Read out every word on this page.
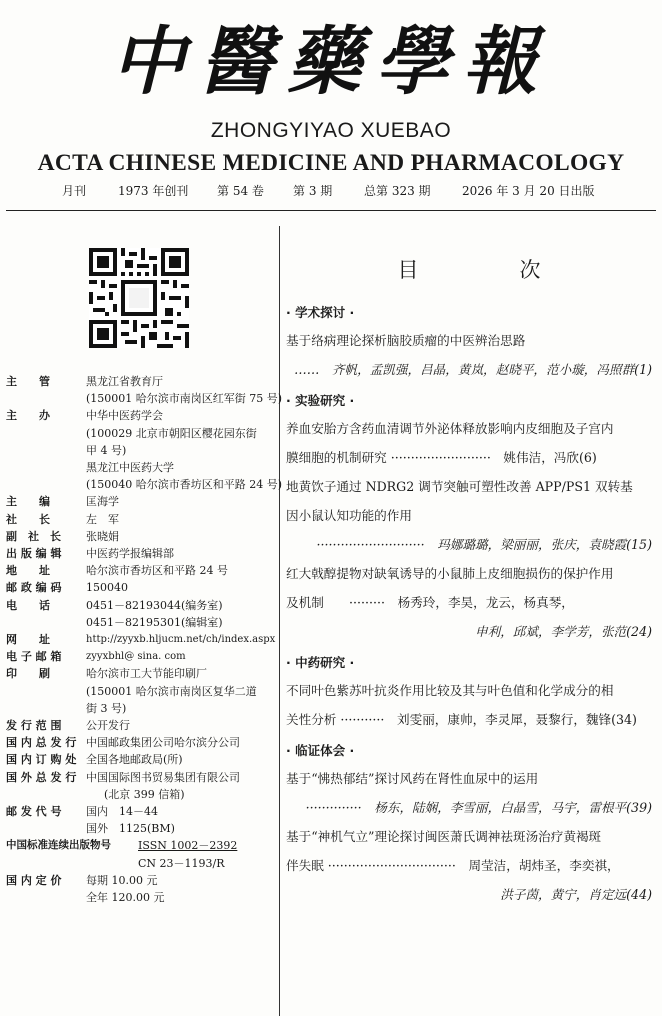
中醫藥學報
ZHONGYIYAO XUEBAO
ACTA CHINESE MEDICINE AND PHARMACOLOGY
月刊	1973 年创刊 第 54 卷 第 3 期	总第 323 期	2026 年 3 月 20 日出版
主　　管	黑龙江省教育厅
(150001 哈尔滨市南岗区红军街 75 号)
主　　办	中华中医药学会
(100029 北京市朝阳区樱花园东街
甲 4 号)
黑龙江中医药大学
(150040 哈尔滨市香坊区和平路 24 号)
主　　编	匡海学
社　　长	左　军
副　社　长	张晓娟
出 版 编 辑	中医药学报编辑部
地　　址	哈尔滨市香坊区和平路 24 号
邮 政 编 码	150040
电　　话	0451－82193044(编务室)
0451－82195301(编辑室)
网　　址	http://zyyxb.hljucm.net/ch/index.aspx
电 子 邮 箱	zyyxbhl@ sina. com
印　　刷	哈尔滨市工大节能印刷厂
(150001 哈尔滨市南岗区复华二道
街 3 号)
发 行 范 围	公开发行
国 内 总 发 行 中国邮政集团公司哈尔滨分公司
国 内 订 购 处 全国各地邮政局(所)
国 外 总 发 行 中国国际图书贸易集团有限公司
(北京 399 信箱)
邮 发 代 号	国内　14－44
国外　1125(BM)
中国标准连续出版物号	ISSN 1002－2392
CN 23－1193/R
国 内 定 价	每期 10.00 元
全年 120.00 元
目　次
· 学术探讨 ·
基于络病理论探析脑胶质瘤的中医辨治思路
……　齐帆，孟凯强，吕晶，黄岚，赵晓平，范小璇，冯照群(1)
· 实验研究 ·
养血安胎方含药血清调节外泌体释放影响内皮细胞及子宫内
膜细胞的机制研究 ·························　姚伟洁，冯欣(6)
地黄饮子通过 NDRG2 调节突触可塑性改善 APP/PS1 双转基
因小鼠认知功能的作用
···························　玛娜璐璐，梁丽丽，张庆，袁晓霞(15)
红大戟醇提物对缺氧诱导的小鼠肺上皮细胞损伤的保护作用
及机制　　·········　杨秀玲，李昊，龙云，杨真琴，
申利，邱斌，李学芳，张范(24)
· 中药研究 ·
不同叶色紫苏叶抗炎作用比较及其与叶色值和化学成分的相
关性分析 ···········　刘雯丽，康帅，李灵犀，聂黎行，魏锋(34)
· 临证体会 ·
基于“怫热郁结”探讨风药在肾性血尿中的运用
··············　杨东，陆娴，李雪丽，白晶雪，马宇，雷根平(39)
基于“神机气立”理论探讨闽医萧氏调神祛斑汤治疗黄褐斑
伴失眠 ································　周莹洁，胡炜圣，李奕祺，
洪子茵，黄宁，肖定远(44)
